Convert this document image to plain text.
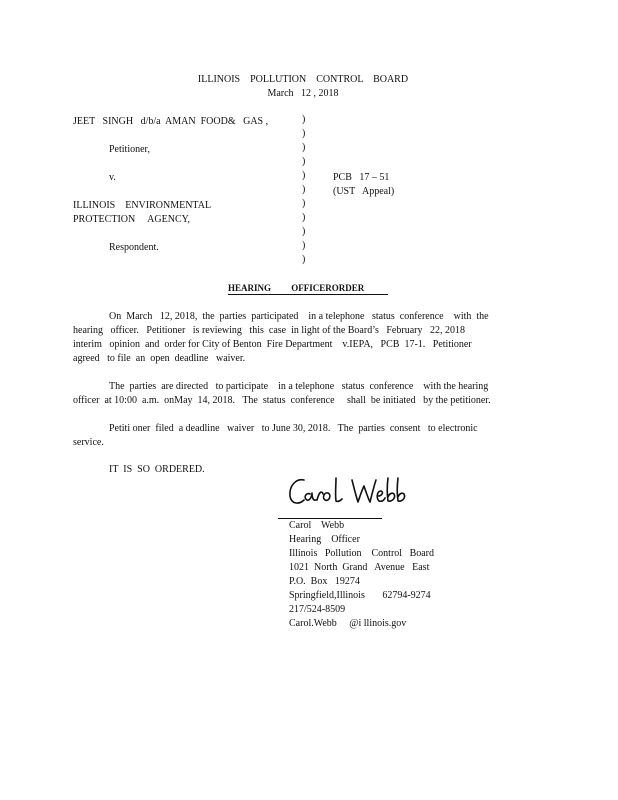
ILLINOIS    POLLUTION    CONTROL    BOARD
March   12 , 2018
JEET   SINGH   d/b/a  AMAN  FOOD&   GAS ,
Petitioner,
v.
ILLINOIS    ENVIRONMENTAL
PROTECTION     AGENCY,
Respondent.
)
)
)
)
)
)
)
)
)
)
)
PCB   17 – 51
(UST   Appeal)
HEARING         OFFICERORDER
On  March   12, 2018,  the  parties  participated    in a telephone   status  conference    with  the
hearing   officer.   Petitioner   is reviewing   this  case  in light of the Board’s   February   22, 2018
interim   opinion  and  order for City of Benton  Fire Department    v.IEPA,   PCB  17-1.   Petitioner
agreed   to file  an  open  deadline   waiver.
The  parties  are directed   to participate    in a telephone   status  conference    with the hearing
officer  at 10:00  a.m.  onMay  14, 2018.   The  status  conference     shall  be initiated   by the petitioner.
Petiti oner  filed  a deadline   waiver   to June 30, 2018.   The  parties  consent   to electronic
service.
IT  IS  SO  ORDERED.
Carol    Webb
Hearing    Officer
Illinois   Pollution    Control   Board
1021  North  Grand   Avenue   East
P.O.  Box   19274
Springfield,Illinois       62794-9274
217/524-8509
Carol.Webb     @i llinois.gov
